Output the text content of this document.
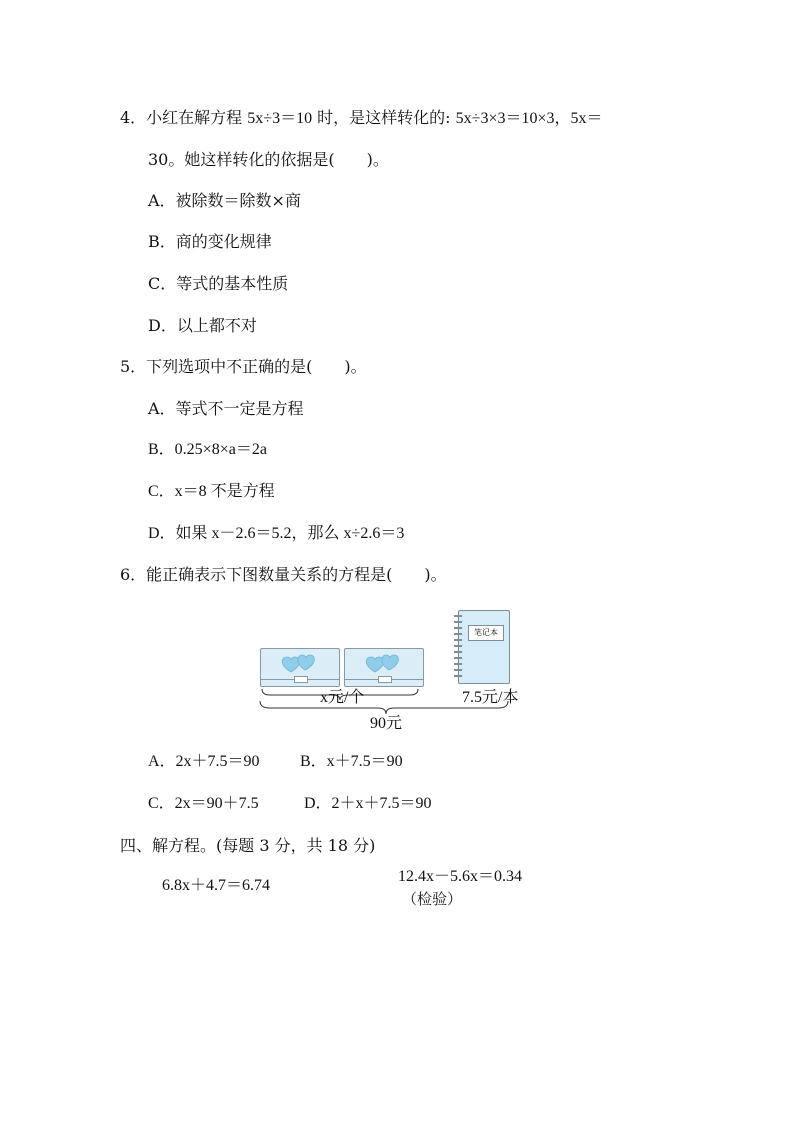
4．小红在解方程 5x÷3＝10 时，是这样转化的: 5x÷3×3＝10×3，5x＝
30。她这样转化的依据是(　　)。
A．被除数＝除数×商
B．商的变化规律
C．等式的基本性质
D．以上都不对
5．下列选项中不正确的是(　　)。
A．等式不一定是方程
B．0.25×8×a＝2a
C．x＝8 不是方程
D．如果 x－2.6＝5.2，那么 x÷2.6＝3
6．能正确表示下图数量关系的方程是(　　)。
笔记本
x元/个	7.5元/本
90元
A．2x＋7.5＝90	B．x＋7.5＝90
C．2x＝90＋7.5	D．2＋x＋7.5＝90
四、解方程。(每题 3 分，共 18 分)
6.8x＋4.7＝6.74
12.4x－5.6x＝0.34
（检验）
